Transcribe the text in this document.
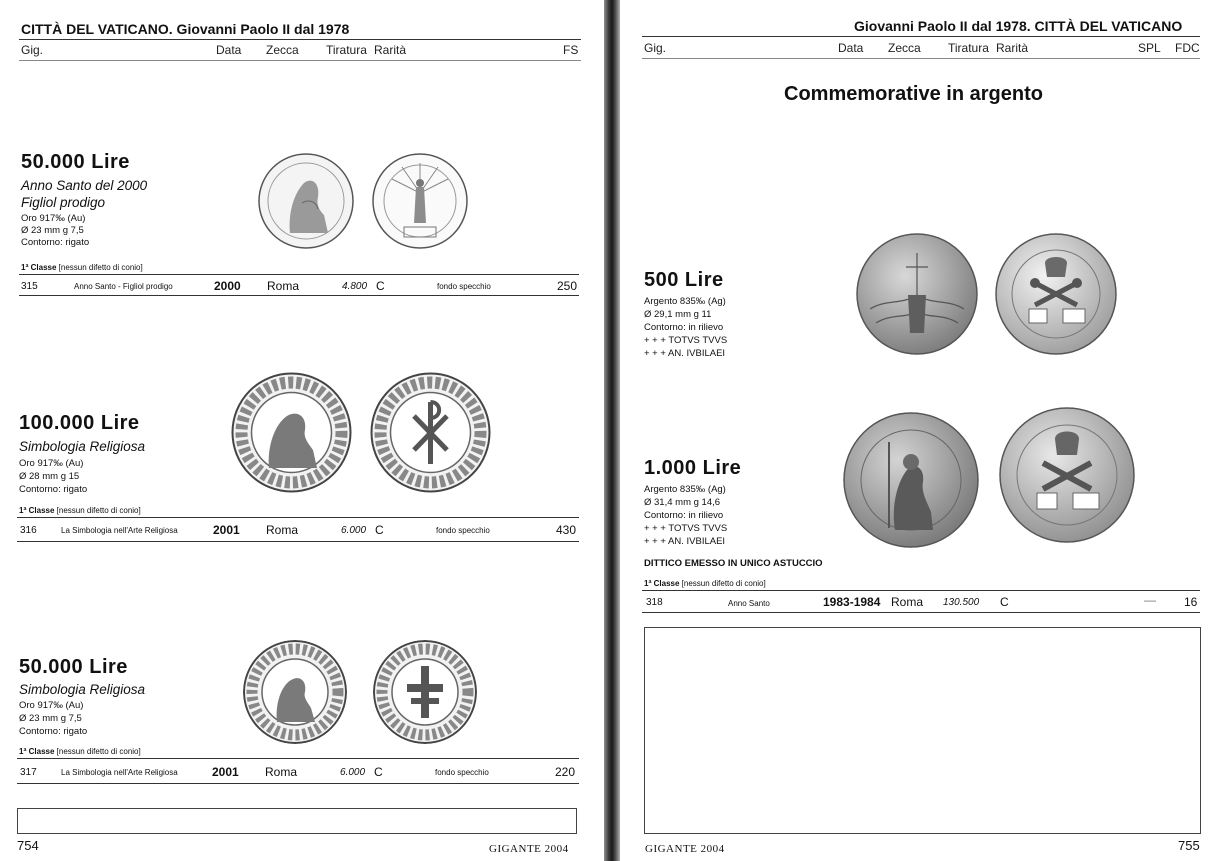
CITTÀ DEL VATICANO. Giovanni Paolo II dal 1978
Gig.	Data Zecca Tiratura Rarità	FS
50.000 Lire
Anno Santo del 2000
Figliol prodigo
Oro 917‰ (Au)
Ø 23 mm g 7,5
Contorno: rigato
1ª Classe [nessun difetto di conio]
315	Anno Santo - Figliol prodigo	2000 Roma	4.800 C	fondo specchio	250
100.000 Lire
Simbologia Religiosa
Oro 917‰ (Au)
Ø 28 mm g 15
Contorno: rigato
1ª Classe [nessun difetto di conio]
316	La Simbologia nell'Arte Religiosa	2001 Roma	6.000 C	fondo specchio	430
50.000 Lire
Simbologia Religiosa
Oro 917‰ (Au)
Ø 23 mm g 7,5
Contorno: rigato
1ª Classe [nessun difetto di conio]
317	La Simbologia nell'Arte Religiosa	2001 Roma	6.000 C	fondo specchio	220
754	GIGANTE 2004
Giovanni Paolo II dal 1978. CITTÀ DEL VATICANO
Gig.	Data Zecca Tiratura Rarità	SPL FDC
Commemorative in argento
500 Lire
Argento 835‰ (Ag)
Ø 29,1 mm g 11
Contorno: in rilievo
+ + + TOTVS TVVS
+ + + AN. IVBILAEI
1.000 Lire
Argento 835‰ (Ag)
Ø 31,4 mm g 14,6
Contorno: in rilievo
+ + + TOTVS TVVS
+ + + AN. IVBILAEI
DITTICO EMESSO IN UNICO ASTUCCIO
1ª Classe [nessun difetto di conio]
318	Anno Santo	1983-1984 Roma 130.500 C	— 16
GIGANTE 2004	755
